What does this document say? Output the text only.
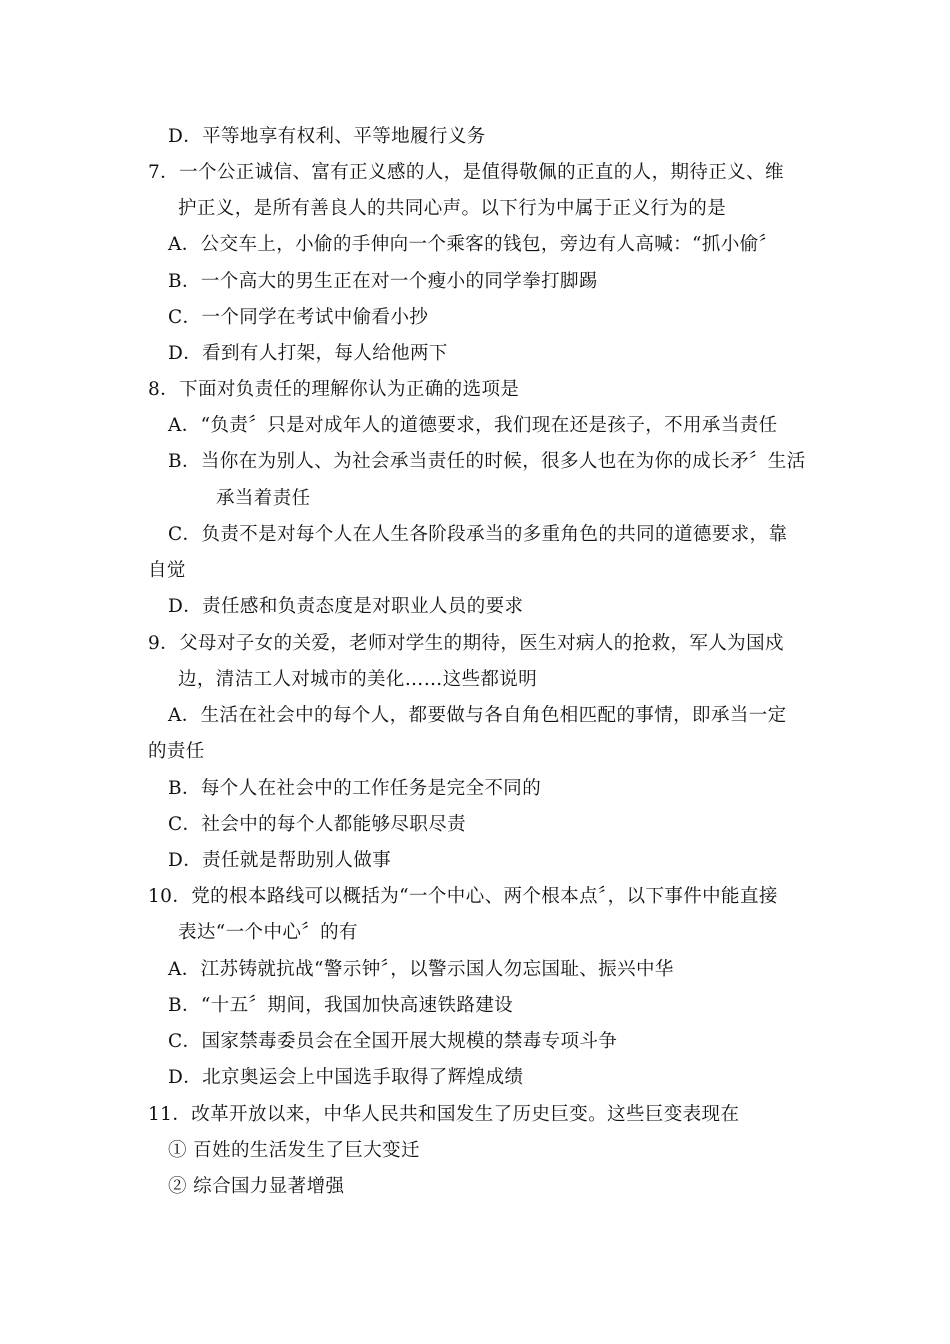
D．平等地享有权利、平等地履行义务
7．一个公正诚信、富有正义感的人，是值得敬佩的正直的人，期待正义、维
护正义，是所有善良人的共同心声。以下行为中属于正义行为的是
A．公交车上，小偷的手伸向一个乘客的钱包，旁边有人高喊：“抓小偷〞
B．一个高大的男生正在对一个瘦小的同学拳打脚踢
C．一个同学在考试中偷看小抄
D．看到有人打架，每人给他两下
8．下面对负责任的理解你认为正确的选项是
A．“负责〞只是对成年人的道德要求，我们现在还是孩子，不用承当责任
B．当你在为别人、为社会承当责任的时候，很多人也在为你的成长矛〞生活
承当着责任
C．负责不是对每个人在人生各阶段承当的多重角色的共同的道德要求，靠
自觉
D．责任感和负责态度是对职业人员的要求
9．父母对子女的关爱，老师对学生的期待，医生对病人的抢救，军人为国戍
边，清洁工人对城市的美化……这些都说明
A．生活在社会中的每个人，都要做与各自角色相匹配的事情，即承当一定
的责任
B．每个人在社会中的工作任务是完全不同的
C．社会中的每个人都能够尽职尽责
D．责任就是帮助别人做事
10．党的根本路线可以概括为“一个中心、两个根本点〞，以下事件中能直接
表达“一个中心〞的有
A．江苏铸就抗战“警示钟〞，以警示国人勿忘国耻、振兴中华
B．“十五〞期间，我国加快高速铁路建设
C．国家禁毒委员会在全国开展大规模的禁毒专项斗争
D．北京奥运会上中国选手取得了辉煌成绩
11．改革开放以来，中华人民共和国发生了历史巨变。这些巨变表现在
① 百姓的生活发生了巨大变迁
② 综合国力显著增强
